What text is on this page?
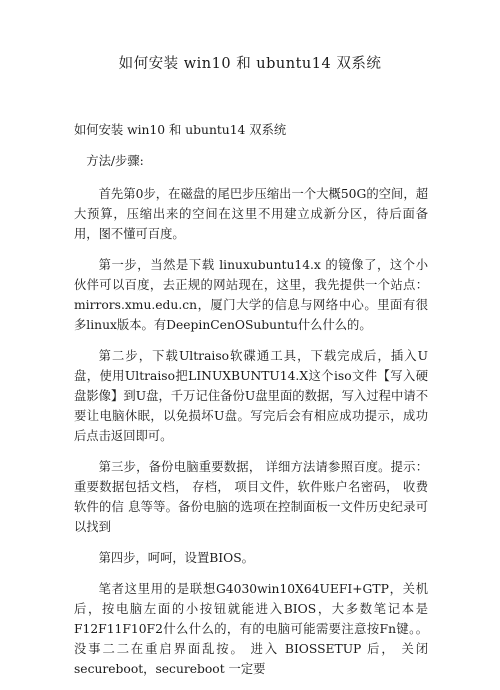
如何安装 win10 和 ubuntu14 双系统

如何安装 win10 和 ubuntu14 双系统

方法/步骤:

首先第0步，在磁盘的尾巴步压缩出一个大概50G的空间，超大预算，压缩出来的空间在这里不用建立成新分区，待后面备用，图不懂可百度。

第一步，当然是下载 linuxubuntu14.x 的镜像了，这个小伙伴可以百度，去正规的网站现在，这里，我先提供一个站点：mirrors.xmu.edu.cn，厦门大学的信息与网络中心。里面有很多linux版本。有DeepinCenOSubuntu什么什么的。

第二步，下载Ultraiso软碟通工具，下载完成后，插入U盘，使用Ultraiso把LINUXBUNTU14.X这个iso文件【写入硬盘影像】到U盘，千万记住备份U盘里面的数据，写入过程中请不要让电脑休眠，以免损坏U盘。写完后会有相应成功提示，成功后点击返回即可。

第三步，备份电脑重要数据， 详细方法请参照百度。提示：重要数据包括文档， 存档， 项目文件，软件账户名密码， 收费软件的信 息等等。备份电脑的选项在控制面板一文件历史纪录可以找到

第四步，呵呵，设置BIOS。

笔者这里用的是联想G4030win10X64UEFI+GTP，关机后，按电脑左面的小按钮就能进入BIOS，大多数笔记本是F12F11F10F2什么什么的，有的电脑可能需要注意按Fn键。。没事二二在重启界面乱按。 进入 BIOSSETUP 后， 关闭 secureboot，secureboot 一定要
